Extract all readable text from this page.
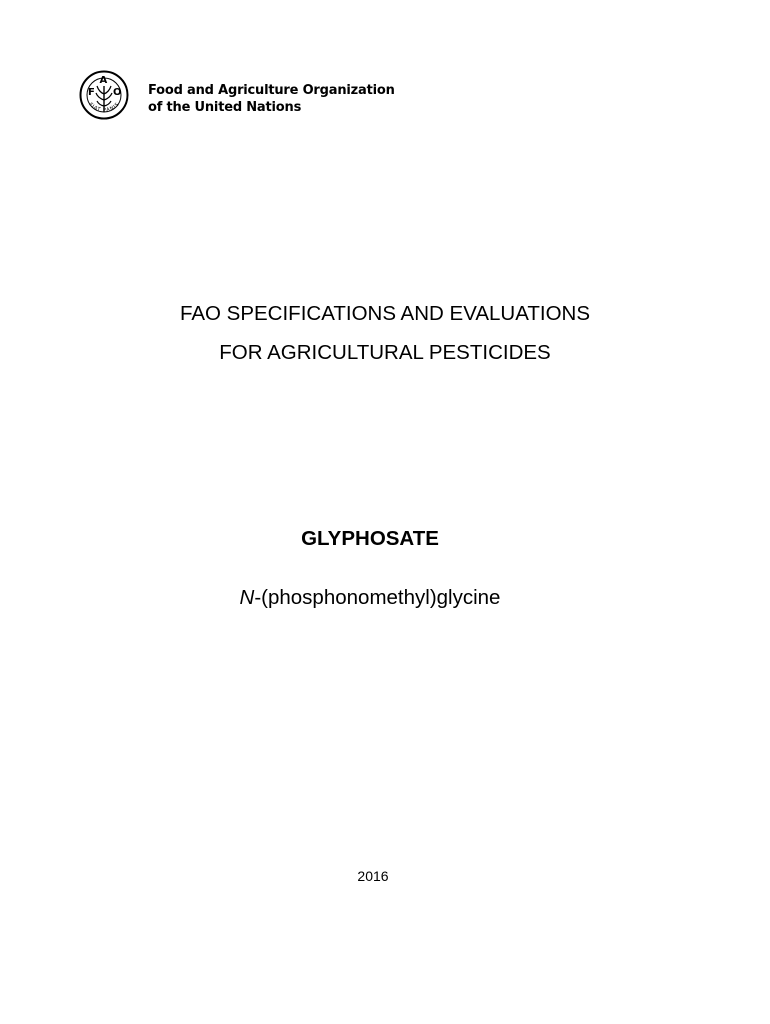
F
A
O
FIAT PANIS
Food and Agriculture Organization
of the United Nations
FAO SPECIFICATIONS AND EVALUATIONS
FOR AGRICULTURAL PESTICIDES
GLYPHOSATE
N-(phosphonomethyl)glycine
2016
